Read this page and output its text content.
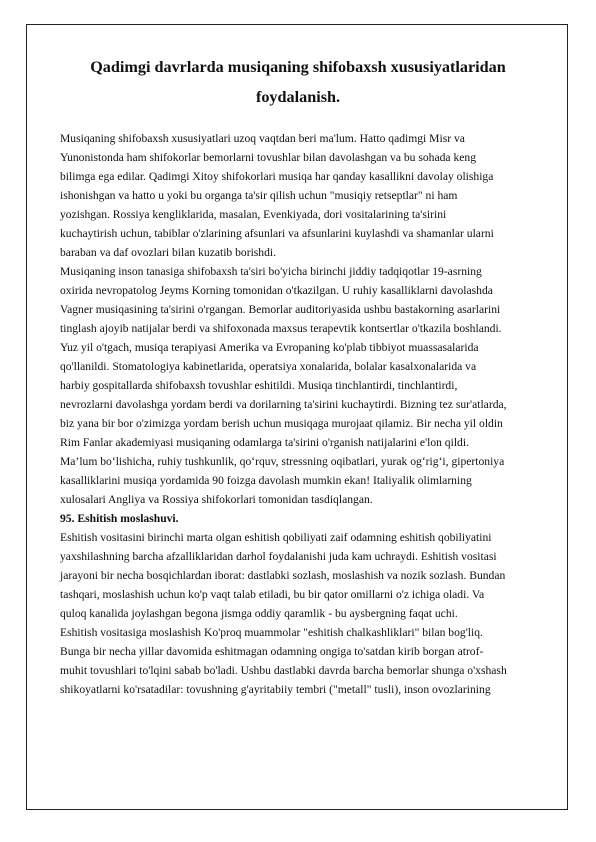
Qadimgi davrlarda musiqaning shifobaxsh xususiyatlaridan
foydalanish.

Musiqaning shifobaxsh xususiyatlari uzoq vaqtdan beri ma'lum. Hatto qadimgi Misr va

Yunonistonda ham shifokorlar bemorlarni tovushlar bilan davolashgan va bu sohada keng

bilimga ega edilar. Qadimgi Xitoy shifokorlari musiqa har qanday kasallikni davolay olishiga

ishonishgan va hatto u yoki bu organga ta'sir qilish uchun "musiqiy retseptlar" ni ham

yozishgan. Rossiya kengliklarida, masalan, Evenkiyada, dori vositalarining ta'sirini

kuchaytirish uchun, tabiblar o'zlarining afsunlari va afsunlarini kuylashdi va shamanlar ularni

baraban va daf ovozlari bilan kuzatib borishdi.

Musiqaning inson tanasiga shifobaxsh ta'siri bo'yicha birinchi jiddiy tadqiqotlar 19-asrning

oxirida nevropatolog Jeyms Korning tomonidan o'tkazilgan. U ruhiy kasalliklarni davolashda

Vagner musiqasining ta'sirini o'rgangan. Bemorlar auditoriyasida ushbu bastakorning asarlarini

tinglash ajoyib natijalar berdi va shifoxonada maxsus terapevtik kontsertlar o'tkazila boshlandi.

Yuz yil o'tgach, musiqa terapiyasi Amerika va Evropaning ko'plab tibbiyot muassasalarida

qo'llanildi. Stomatologiya kabinetlarida, operatsiya xonalarida, bolalar kasalxonalarida va

harbiy gospitallarda shifobaxsh tovushlar eshitildi. Musiqa tinchlantirdi, tinchlantirdi,

nevrozlarni davolashga yordam berdi va dorilarning ta'sirini kuchaytirdi. Bizning tez sur'atlarda,

biz yana bir bor o'zimizga yordam berish uchun musiqaga murojaat qilamiz. Bir necha yil oldin

Rim Fanlar akademiyasi musiqaning odamlarga ta'sirini o'rganish natijalarini e'lon qildi.

Ma’lum bo‘lishicha, ruhiy tushkunlik, qo‘rquv, stressning oqibatlari, yurak og‘rig‘i, gipertoniya

kasalliklarini musiqa yordamida 90 foizga davolash mumkin ekan! Italiyalik olimlarning

xulosalari Angliya va Rossiya shifokorlari tomonidan tasdiqlangan.

95. Eshitish moslashuvi.

Eshitish vositasini birinchi marta olgan eshitish qobiliyati zaif odamning eshitish qobiliyatini

yaxshilashning barcha afzalliklaridan darhol foydalanishi juda kam uchraydi. Eshitish vositasi

jarayoni bir necha bosqichlardan iborat: dastlabki sozlash, moslashish va nozik sozlash. Bundan

tashqari, moslashish uchun ko'p vaqt talab etiladi, bu bir qator omillarni o'z ichiga oladi. Va

quloq kanalida joylashgan begona jismga oddiy qaramlik - bu aysbergning faqat uchi.

Eshitish vositasiga moslashish Ko'proq muammolar "eshitish chalkashliklari" bilan bog'liq.

Bunga bir necha yillar davomida eshitmagan odamning ongiga to'satdan kirib borgan atrof-

muhit tovushlari to'lqini sabab bo'ladi. Ushbu dastlabki davrda barcha bemorlar shunga o'xshash

shikoyatlarni ko'rsatadilar: tovushning g'ayritabiiy tembri ("metall" tusli), inson ovozlarining
